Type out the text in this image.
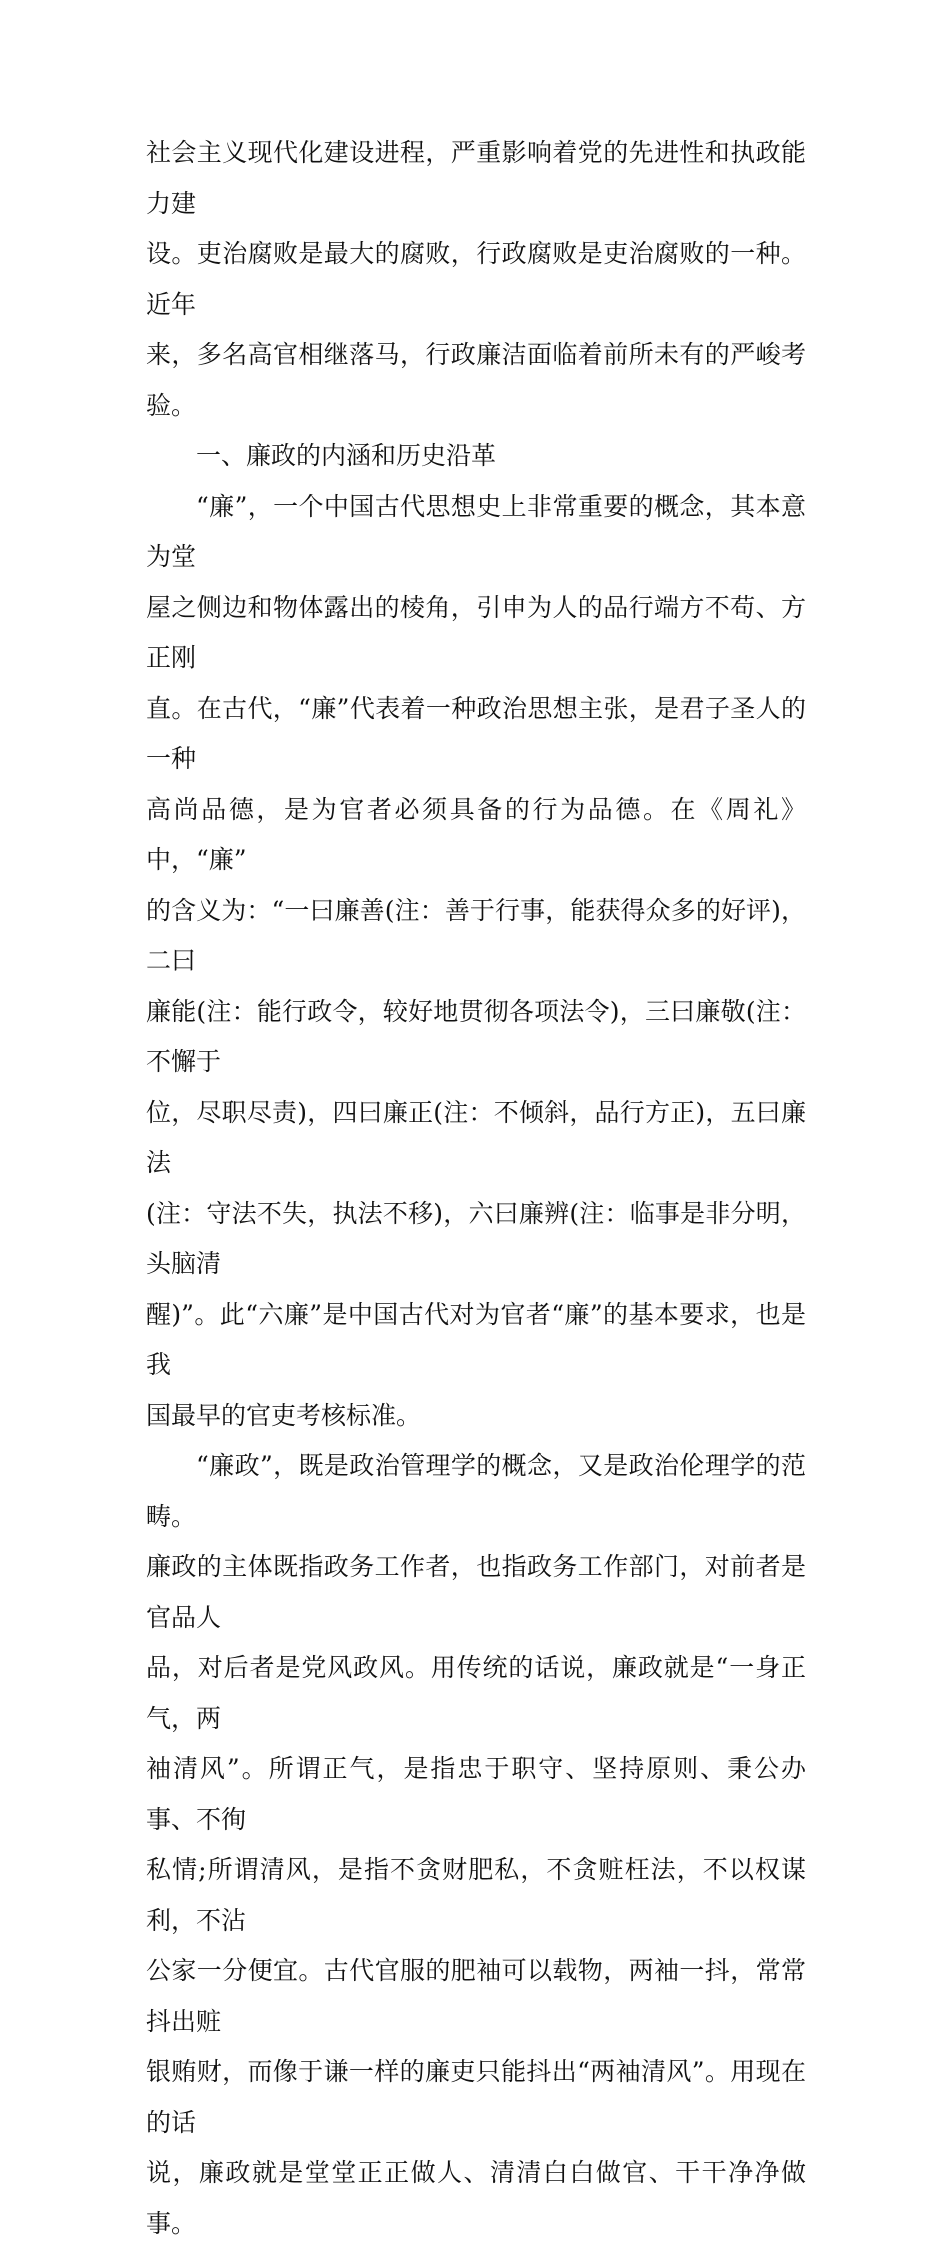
社会主义现代化建设进程，严重影响着党的先进性和执政能力建
设。吏治腐败是最大的腐败，行政腐败是吏治腐败的一种。近年
来，多名高官相继落马，行政廉洁面临着前所未有的严峻考验。

一、廉政的内涵和历史沿革

“廉”，一个中国古代思想史上非常重要的概念，其本意为堂
屋之侧边和物体露出的棱角，引申为人的品行端方不苟、方正刚
直。在古代，“廉”代表着一种政治思想主张，是君子圣人的一种
高尚品德，是为官者必须具备的行为品德。在《周礼》中，“廉”
的含义为：“一曰廉善(注：善于行事，能获得众多的好评)，二曰
廉能(注：能行政令，较好地贯彻各项法令)，三曰廉敬(注：不懈于
位，尽职尽责)，四曰廉正(注：不倾斜，品行方正)，五曰廉法
(注：守法不失，执法不移)，六曰廉辨(注：临事是非分明，头脑清
醒)”。此“六廉”是中国古代对为官者“廉”的基本要求，也是我
国最早的官吏考核标准。

“廉政”，既是政治管理学的概念，又是政治伦理学的范畴。
廉政的主体既指政务工作者，也指政务工作部门，对前者是官品人
品，对后者是党风政风。用传统的话说，廉政就是“一身正气，两
袖清风”。所谓正气，是指忠于职守、坚持原则、秉公办事、不徇
私情;所谓清风，是指不贪财肥私，不贪赃枉法，不以权谋利，不沾
公家一分便宜。古代官服的肥袖可以载物，两袖一抖，常常抖出赃
银贿财，而像于谦一样的廉吏只能抖出“两袖清风”。用现在的话
说，廉政就是堂堂正正做人、清清白白做官、干干净净做事。
